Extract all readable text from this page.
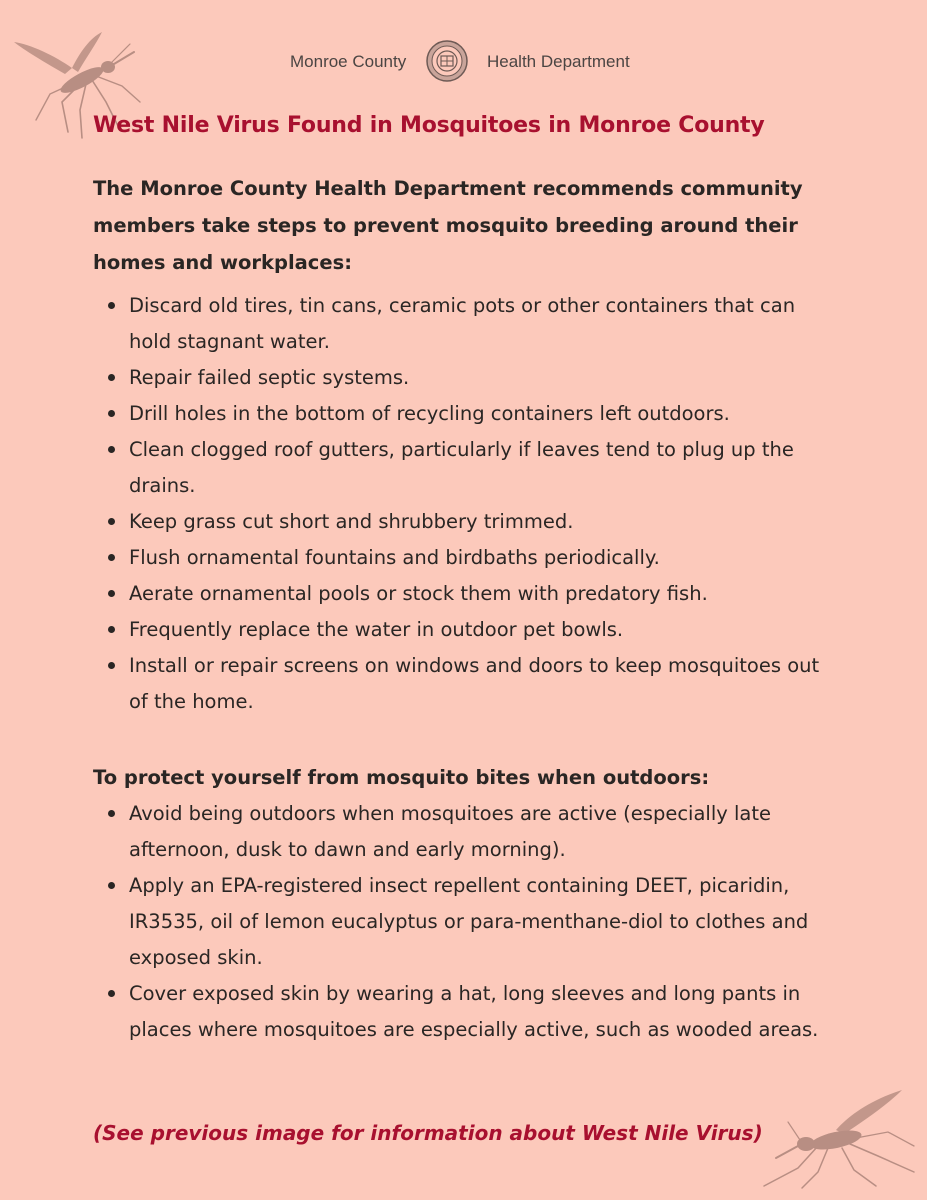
Monroe County	Health Department
West Nile Virus Found in Mosquitoes in Monroe County

The Monroe County Health Department recommends community members take steps to prevent mosquito breeding around their homes and workplaces:

Discard old tires, tin cans, ceramic pots or other containers that can hold stagnant water.
Repair failed septic systems.
Drill holes in the bottom of recycling containers left outdoors.
Clean clogged roof gutters, particularly if leaves tend to plug up the drains.
Keep grass cut short and shrubbery trimmed.
Flush ornamental fountains and birdbaths periodically.
Aerate ornamental pools or stock them with predatory fish.
Frequently replace the water in outdoor pet bowls.
Install or repair screens on windows and doors to keep mosquitoes out of the home.

To protect yourself from mosquito bites when outdoors:

Avoid being outdoors when mosquitoes are active (especially late afternoon, dusk to dawn and early morning).
Apply an EPA-registered insect repellent containing DEET, picaridin, IR3535, oil of lemon eucalyptus or para-menthane-diol to clothes and exposed skin.
Cover exposed skin by wearing a hat, long sleeves and long pants in places where mosquitoes are especially active, such as wooded areas.

(See previous image for information about West Nile Virus)
